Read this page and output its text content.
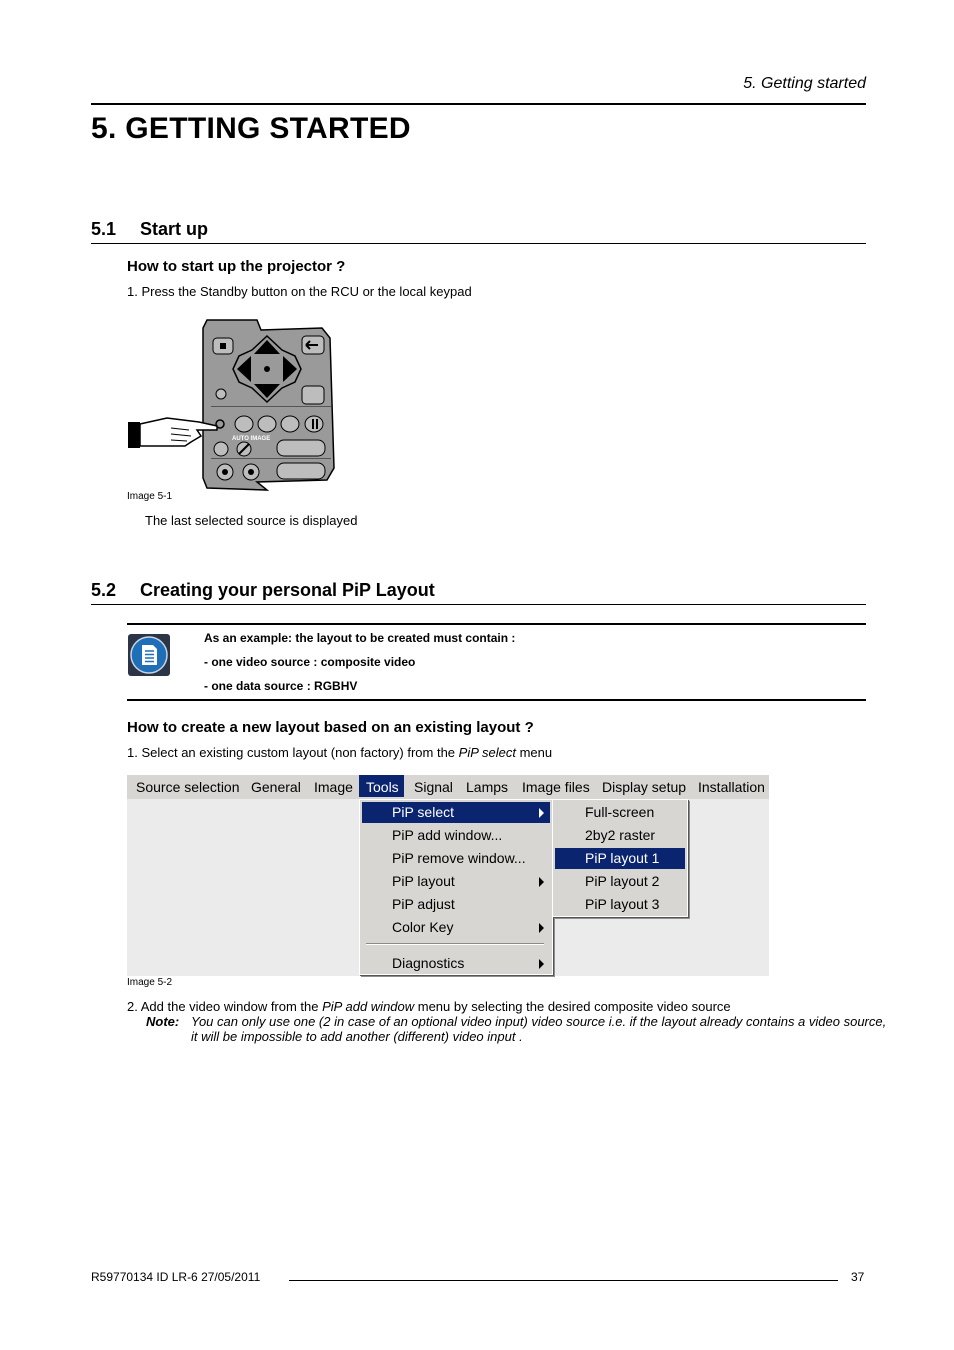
5. Getting started
5. GETTING STARTED
5.1 Start up
How to start up the projector ?
1. Press the Standby button on the RCU or the local keypad
AUTO IMAGE
Image 5-1
The last selected source is displayed
5.2 Creating your personal PiP Layout
As an example: the layout to be created must contain :
- one video source : composite video
- one data source : RGBHV
How to create a new layout based on an existing layout ?
1. Select an existing custom layout (non factory) from the PiP select menu
Source selection General Image Tools Signal Lamps Image files Display setup Installation
PiP select
PiP add window...
PiP remove window...
PiP layout
PiP adjust
Color Key
Diagnostics
Full-screen
2by2 raster
PiP layout 1
PiP layout 2
PiP layout 3
Image 5-2
2. Add the video window from the PiP add window menu by selecting the desired composite video source
Note: You can only use one (2 in case of an optional video input) video source i.e. if the layout already contains a video source,
it will be impossible to add another (different) video input .
R59770134 ID LR-6 27/05/2011	37
